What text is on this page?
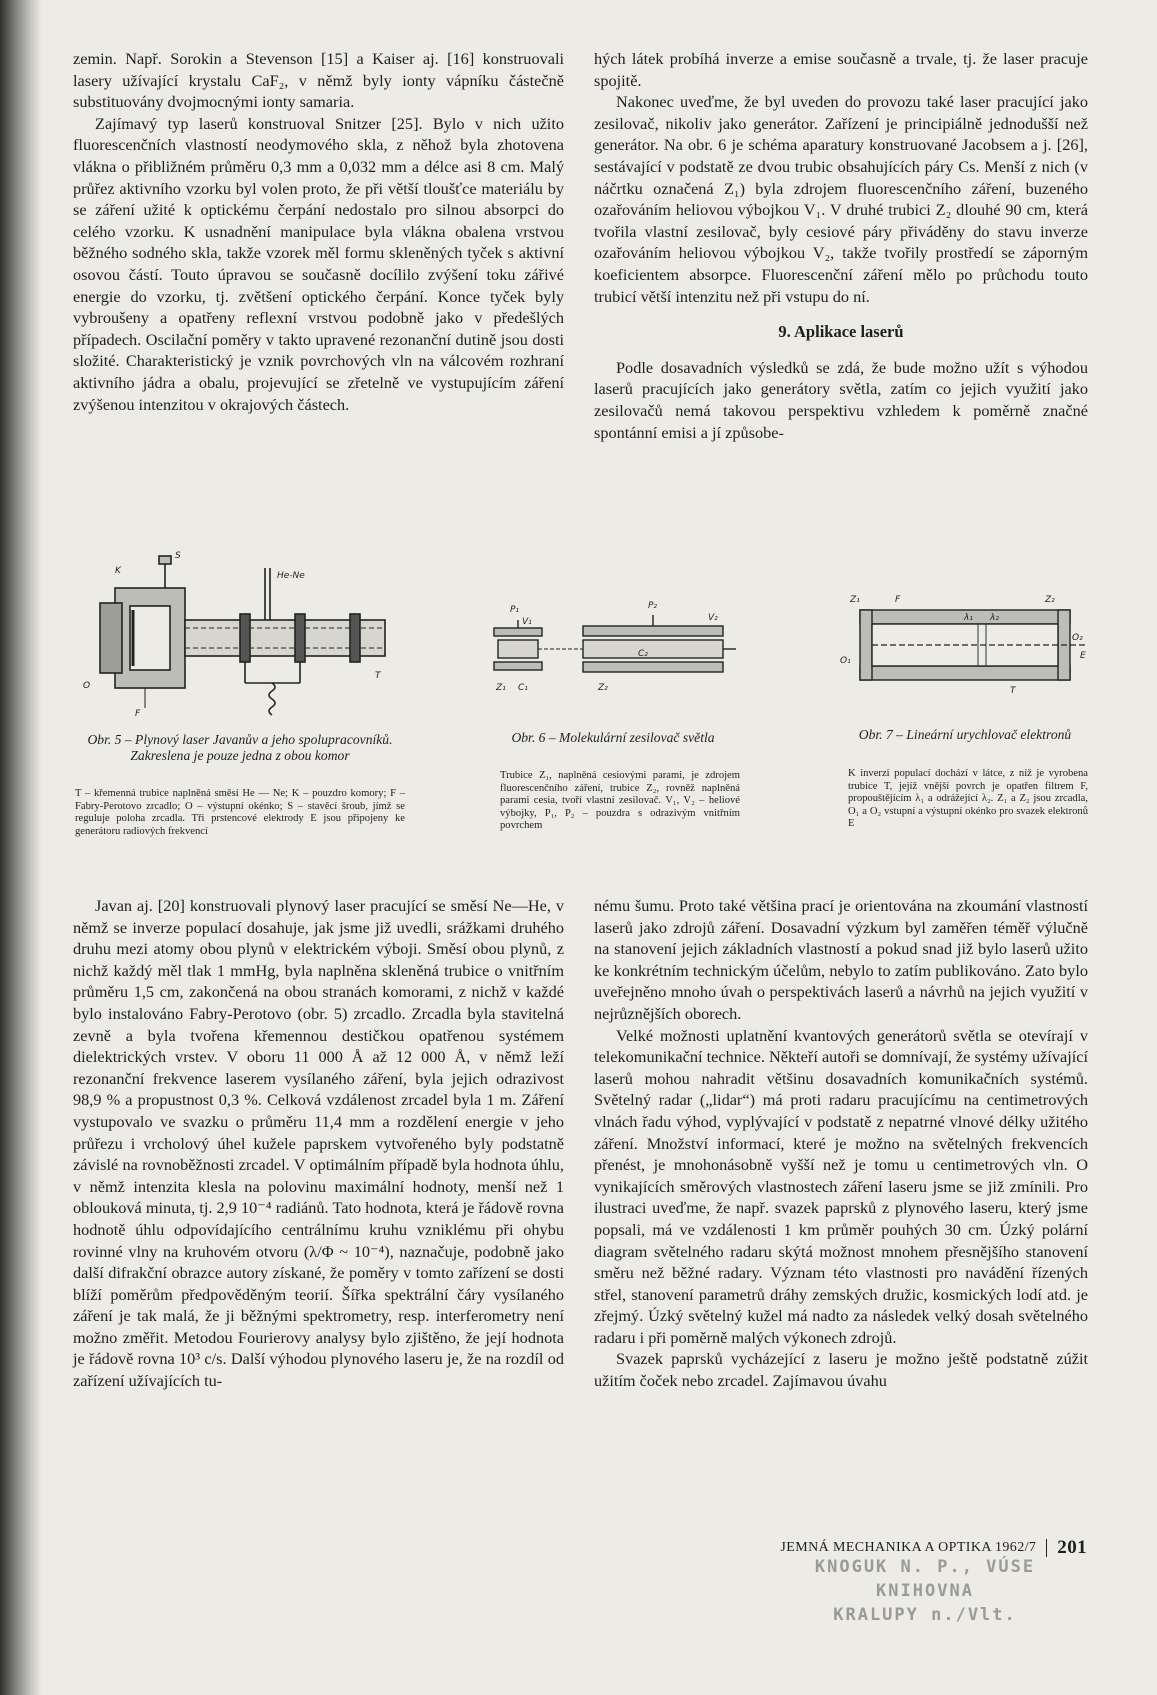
zemin. Např. Sorokin a Stevenson [15] a Kaiser aj. [16] konstruovali lasery užívající krystalu CaF₂, v němž byly ionty vápníku částečně substituovány dvojmocnými ionty samaria.

Zajímavý typ laserů konstruoval Snitzer [25]. Bylo v nich užito fluorescenčních vlastností neodymového skla, z něhož byla zhotovena vlákna o přibližném průměru 0,3 mm a 0,032 mm a délce asi 8 cm. Malý průřez aktivního vzorku byl volen proto, že při větší tloušťce materiálu by se záření užité k optickému čerpání nedostalo pro silnou absorpci do celého vzorku. K usnadnění manipulace byla vlákna obalena vrstvou běžného sodného skla, takže vzorek měl formu skleněných tyček s aktivní osovou částí. Touto úpravou se současně docílilo zvýšení toku zářivé energie do vzorku, tj. zvětšení optického čerpání. Konce tyček byly vybroušeny a opatřeny reflexní vrstvou podobně jako v předešlých případech. Oscilační poměry v takto upravené rezonanční dutině jsou dosti složité. Charakteristický je vznik povrchových vln na válcovém rozhraní aktivního jádra a obalu, projevující se zřetelně ve vystupujícím záření zvýšenou intenzitou v okrajových částech.

hých látek probíhá inverze a emise současně a trvale, tj. že laser pracuje spojitě.

Nakonec uveďme, že byl uveden do provozu také laser pracující jako zesilovač, nikoliv jako generátor. Zařízení je principiálně jednodušší než generátor. Na obr. 6 je schéma aparatury konstruované Jacobsem a j. [26], sestávající v podstatě ze dvou trubic obsahujících páry Cs. Menší z nich (v náčrtku označená Z₁) byla zdrojem fluorescenčního záření, buzeného ozařováním heliovou výbojkou V₁. V druhé trubici Z₂ dlouhé 90 cm, která tvořila vlastní zesilovač, byly cesiové páry přiváděny do stavu inverze ozařováním heliovou výbojkou V₂, takže tvořily prostředí se záporným koeficientem absorpce. Fluorescenční záření mělo po průchodu touto trubicí větší intenzitu než při vstupu do ní.

9. Aplikace laserů

Podle dosavadních výsledků se zdá, že bude možno užít s výhodou laserů pracujících jako generátory světla, zatím co jejich využití jako zesilovačů nemá takovou perspektivu vzhledem k poměrně značné spontánní emisi a jí způsobe-

K
S
He-Ne
O
F
T
Obr. 5 – Plynový laser Javanův a jeho spolupracovníků. Zakreslena je pouze jedna z obou komor
T – křemenná trubice naplněná směsí He — Ne; K – pouzdro komory; F – Fabry-Perotovo zrcadlo; O – výstupní okénko; S – stavěcí šroub, jímž se reguluje poloha zrcadla. Tři prstencové elektrody E jsou připojeny ke generátoru radiových frekvencí
P₁
V₁
Z₁ C₁
P₂
V₂
Z₂
C₂
Obr. 6 – Molekulární zesilovač světla
Trubice Z₁, naplněná cesiovými parami, je zdrojem fluorescenčního záření, trubice Z₂, rovněž naplněná parami cesia, tvoří vlastní zesilovač. V₁, V₂ – heliové výbojky, P₁, P₂ – pouzdra s odrazivým vnitřním povrchem
Z₁	F	Z₂
T
λ₁ λ₂
O₁
O₂
E
Obr. 7 – Lineární urychlovač elektronů
K inverzi populací dochází v látce, z níž je vyrobena trubice T, jejíž vnější povrch je opatřen filtrem F, propouštějícím λ₁ a odrážející λ₂. Z₁ a Z₂ jsou zrcadla, O₁ a O₂ vstupní a výstupní okénko pro svazek elektronů E

Javan aj. [20] konstruovali plynový laser pracující se směsí Ne—He, v němž se inverze populací dosahuje, jak jsme již uvedli, srážkami druhého druhu mezi atomy obou plynů v elektrickém výboji. Směsí obou plynů, z nichž každý měl tlak 1 mmHg, byla naplněna skleněná trubice o vnitřním průměru 1,5 cm, zakončená na obou stranách komorami, z nichž v každé bylo instalováno Fabry-Perotovo (obr. 5) zrcadlo. Zrcadla byla stavitelná zevně a byla tvořena křemennou destičkou opatřenou systémem dielektrických vrstev. V oboru 11 000 Å až 12 000 Å, v němž leží rezonanční frekvence laserem vysílaného záření, byla jejich odrazivost 98,9 % a propustnost 0,3 %. Celková vzdálenost zrcadel byla 1 m. Záření vystupovalo ve svazku o průměru 11,4 mm a rozdělení energie v jeho průřezu i vrcholový úhel kužele paprskem vytvořeného byly podstatně závislé na rovnoběžnosti zrcadel. V optimálním případě byla hodnota úhlu, v němž intenzita klesla na polovinu maximální hodnoty, menší než 1 oblouková minuta, tj. 2,9 10⁻⁴ radiánů. Tato hodnota, která je řádově rovna hodnotě úhlu odpovídajícího centrálnímu kruhu vzniklému při ohybu rovinné vlny na kruhovém otvoru (λ/Φ ~ 10⁻⁴), naznačuje, podobně jako další difrakční obrazce autory získané, že poměry v tomto zařízení se dosti blíží poměrům předpověděným teorií. Šířka spektrální čáry vysílaného záření je tak malá, že ji běžnými spektrometry, resp. interferometry není možno změřit. Metodou Fourierovy analysy bylo zjištěno, že její hodnota je řádově rovna 10³ c/s. Další výhodou plynového laseru je, že na rozdíl od zařízení užívajících tu-

nému šumu. Proto také většina prací je orientována na zkoumání vlastností laserů jako zdrojů záření. Dosavadní výzkum byl zaměřen téměř výlučně na stanovení jejich základních vlastností a pokud snad již bylo laserů užito ke konkrétním technickým účelům, nebylo to zatím publikováno. Zato bylo uveřejněno mnoho úvah o perspektivách laserů a návrhů na jejich využití v nejrůznějších oborech.

Velké možnosti uplatnění kvantových generátorů světla se otevírají v telekomunikační technice. Někteří autoři se domnívají, že systémy užívající laserů mohou nahradit většinu dosavadních komunikačních systémů. Světelný radar („lidar“) má proti radaru pracujícímu na centimetrových vlnách řadu výhod, vyplývající v podstatě z nepatrné vlnové délky užitého záření. Množství informací, které je možno na světelných frekvencích přenést, je mnohonásobně vyšší než je tomu u centimetrových vln. O vynikajících směrových vlastnostech záření laseru jsme se již zmínili. Pro ilustraci uveďme, že např. svazek paprsků z plynového laseru, který jsme popsali, má ve vzdálenosti 1 km průměr pouhých 30 cm. Úzký polární diagram světelného radaru skýtá možnost mnohem přesnějšího stanovení směru než běžné radary. Význam této vlastnosti pro navádění řízených střel, stanovení parametrů dráhy zemských družic, kosmických lodí atd. je zřejmý. Úzký světelný kužel má nadto za následek velký dosah světelného radaru i při poměrně malých výkonech zdrojů.

Svazek paprsků vycházející z laseru je možno ještě podstatně zúžit užitím čoček nebo zrcadel. Zajímavou úvahu

JEMNÁ MECHANIKA A OPTIKA 1962/7 201
KNOGUK N. P., VÚSE
KNIHOVNA
KRALUPY n./Vlt.
